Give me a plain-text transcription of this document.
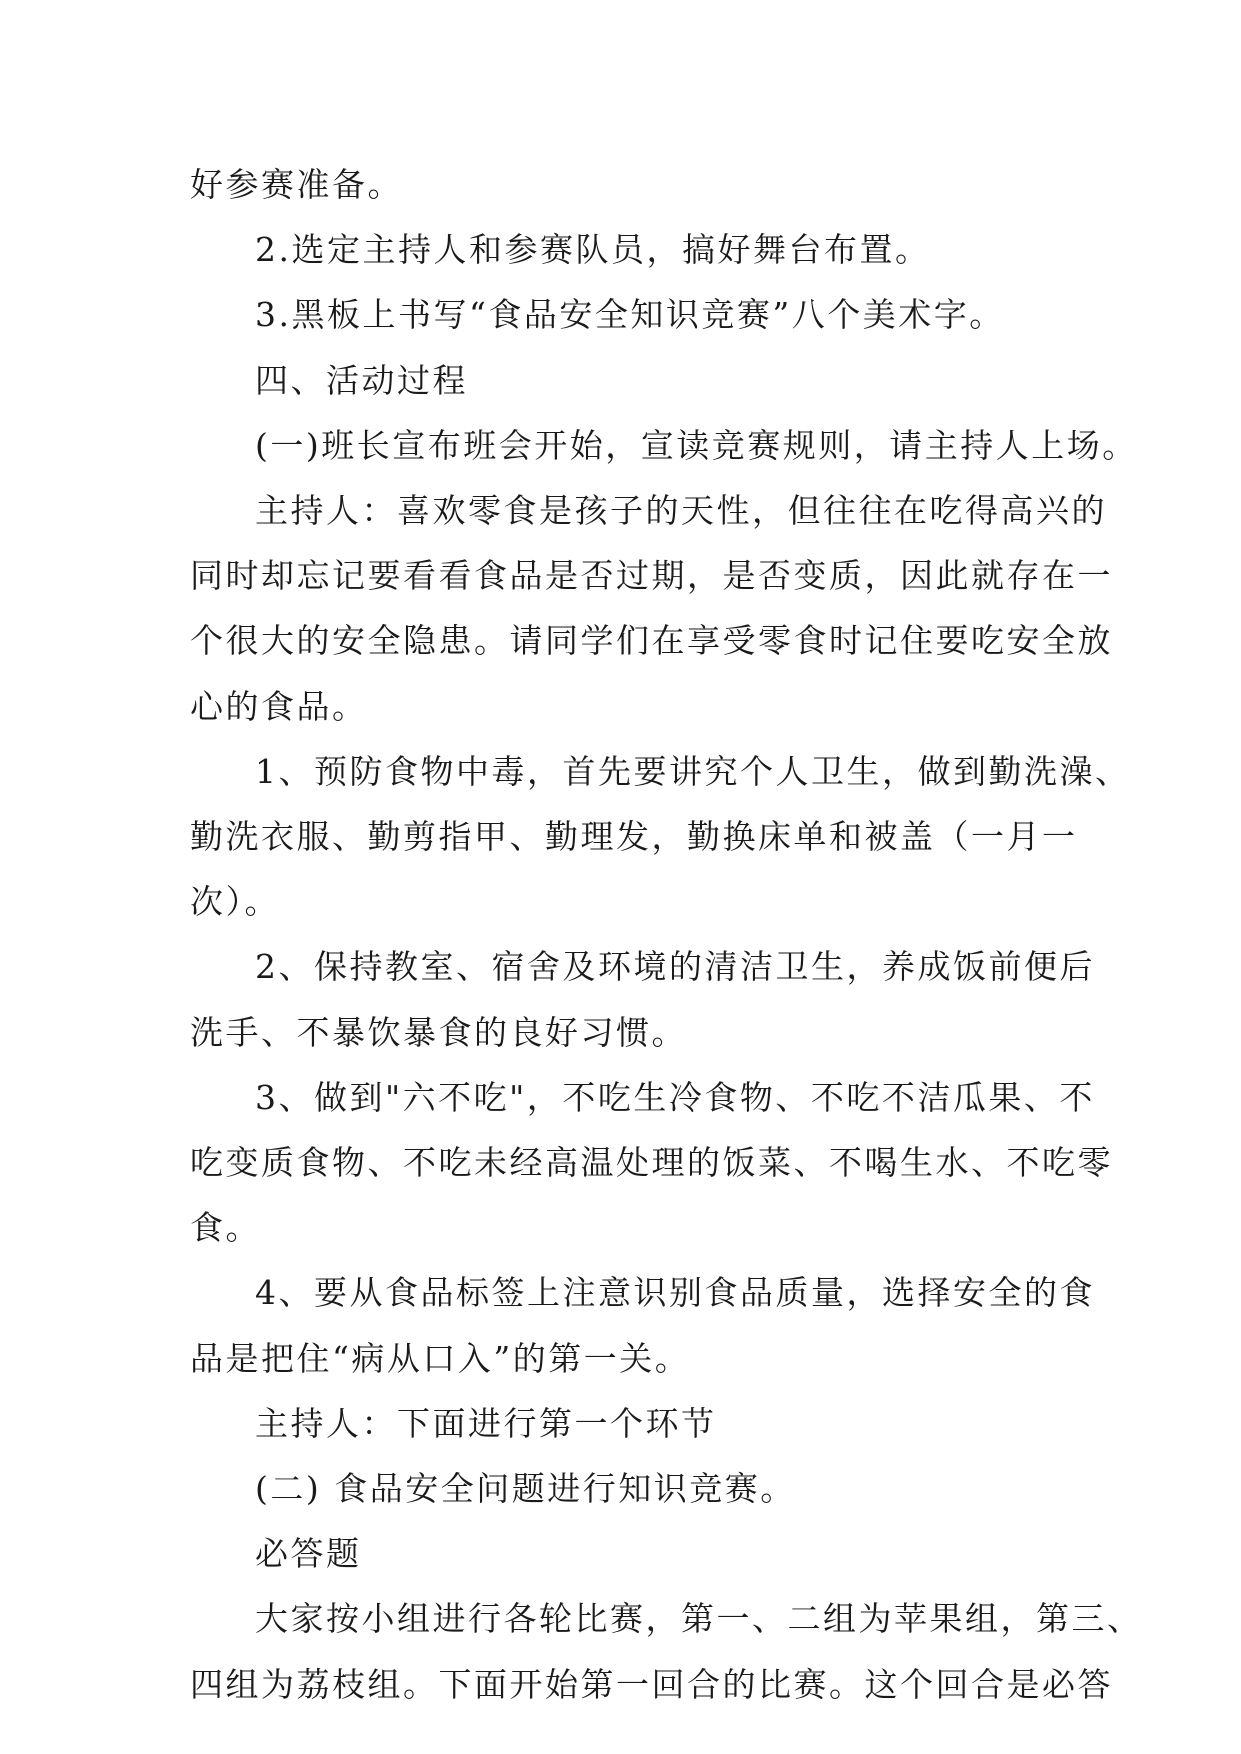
好参赛准备。

2.选定主持人和参赛队员，搞好舞台布置。

3.黑板上书写“食品安全知识竞赛”八个美术字。

四、活动过程

(一)班长宣布班会开始，宣读竞赛规则，请主持人上场。

主持人：喜欢零食是孩子的天性，但往往在吃得高兴的

同时却忘记要看看食品是否过期，是否变质，因此就存在一

个很大的安全隐患。请同学们在享受零食时记住要吃安全放

心的食品。

1、预防食物中毒，首先要讲究个人卫生，做到勤洗澡、

勤洗衣服、勤剪指甲、勤理发，勤换床单和被盖（一月一

次）。

2、保持教室、宿舍及环境的清洁卫生，养成饭前便后

洗手、不暴饮暴食的良好习惯。

3、做到"六不吃"，不吃生冷食物、不吃不洁瓜果、不

吃变质食物、不吃未经高温处理的饭菜、不喝生水、不吃零

食。

4、要从食品标签上注意识别食品质量，选择安全的食

品是把住“病从口入”的第一关。

主持人：下面进行第一个环节

(二) 食品安全问题进行知识竞赛。

必答题

大家按小组进行各轮比赛，第一、二组为苹果组，第三、

四组为荔枝组。下面开始第一回合的比赛。这个回合是必答
